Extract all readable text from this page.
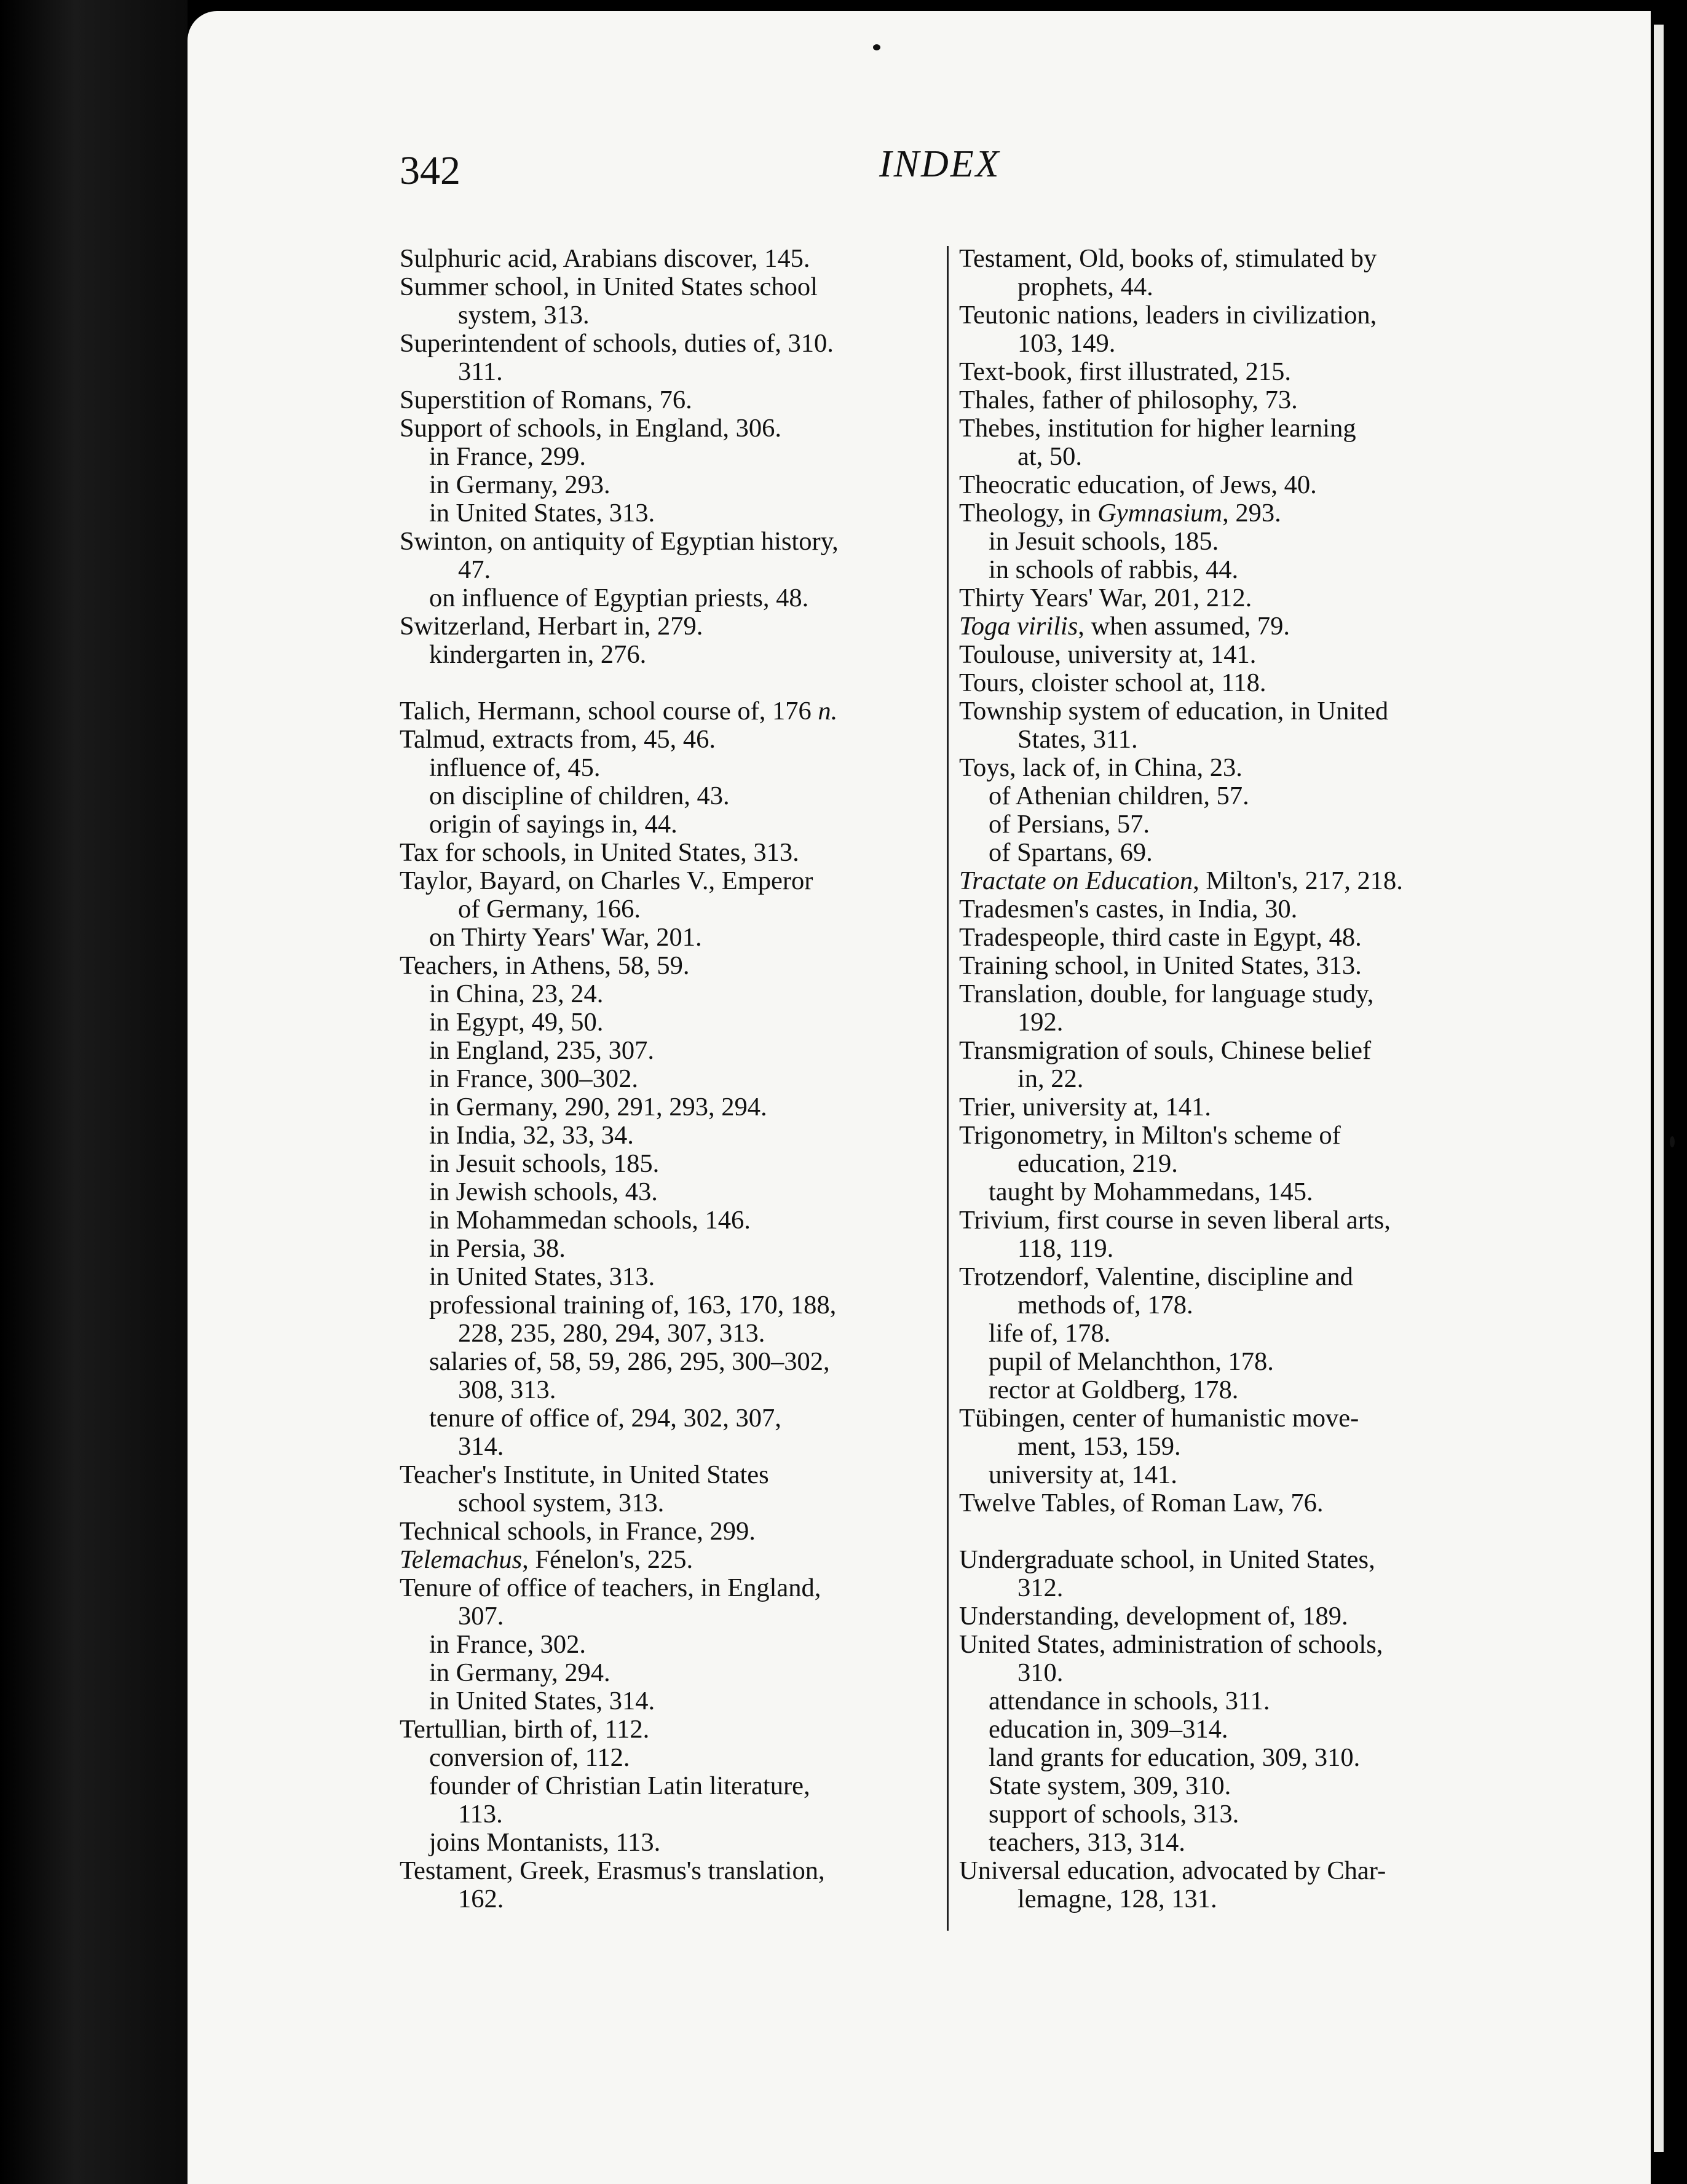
342	INDEX
Sulphuric acid, Arabians discover, 145.
Summer school, in United States school
system, 313.
Superintendent of schools, duties of, 310.
311.
Superstition of Romans, 76.
Support of schools, in England, 306.
in France, 299.
in Germany, 293.
in United States, 313.
Swinton, on antiquity of Egyptian history,
47.
on influence of Egyptian priests, 48.
Switzerland, Herbart in, 279.
kindergarten in, 276.
Talich, Hermann, school course of, 176 n.
Talmud, extracts from, 45, 46.
influence of, 45.
on discipline of children, 43.
origin of sayings in, 44.
Tax for schools, in United States, 313.
Taylor, Bayard, on Charles V., Emperor
of Germany, 166.
on Thirty Years' War, 201.
Teachers, in Athens, 58, 59.
in China, 23, 24.
in Egypt, 49, 50.
in England, 235, 307.
in France, 300–302.
in Germany, 290, 291, 293, 294.
in India, 32, 33, 34.
in Jesuit schools, 185.
in Jewish schools, 43.
in Mohammedan schools, 146.
in Persia, 38.
in United States, 313.
professional training of, 163, 170, 188,
228, 235, 280, 294, 307, 313.
salaries of, 58, 59, 286, 295, 300–302,
308, 313.
tenure of office of, 294, 302, 307,
314.
Teacher's Institute, in United States
school system, 313.
Technical schools, in France, 299.
Telemachus, Fénelon's, 225.
Tenure of office of teachers, in England,
307.
in France, 302.
in Germany, 294.
in United States, 314.
Tertullian, birth of, 112.
conversion of, 112.
founder of Christian Latin literature,
113.
joins Montanists, 113.
Testament, Greek, Erasmus's translation,
162.
Testament, Old, books of, stimulated by
prophets, 44.
Teutonic nations, leaders in civilization,
103, 149.
Text-book, first illustrated, 215.
Thales, father of philosophy, 73.
Thebes, institution for higher learning
at, 50.
Theocratic education, of Jews, 40.
Theology, in Gymnasium, 293.
in Jesuit schools, 185.
in schools of rabbis, 44.
Thirty Years' War, 201, 212.
Toga virilis, when assumed, 79.
Toulouse, university at, 141.
Tours, cloister school at, 118.
Township system of education, in United
States, 311.
Toys, lack of, in China, 23.
of Athenian children, 57.
of Persians, 57.
of Spartans, 69.
Tractate on Education, Milton's, 217, 218.
Tradesmen's castes, in India, 30.
Tradespeople, third caste in Egypt, 48.
Training school, in United States, 313.
Translation, double, for language study,
192.
Transmigration of souls, Chinese belief
in, 22.
Trier, university at, 141.
Trigonometry, in Milton's scheme of
education, 219.
taught by Mohammedans, 145.
Trivium, first course in seven liberal arts,
118, 119.
Trotzendorf, Valentine, discipline and
methods of, 178.
life of, 178.
pupil of Melanchthon, 178.
rector at Goldberg, 178.
Tübingen, center of humanistic move-
ment, 153, 159.
university at, 141.
Twelve Tables, of Roman Law, 76.
Undergraduate school, in United States,
312.
Understanding, development of, 189.
United States, administration of schools,
310.
attendance in schools, 311.
education in, 309–314.
land grants for education, 309, 310.
State system, 309, 310.
support of schools, 313.
teachers, 313, 314.
Universal education, advocated by Char-
lemagne, 128, 131.
